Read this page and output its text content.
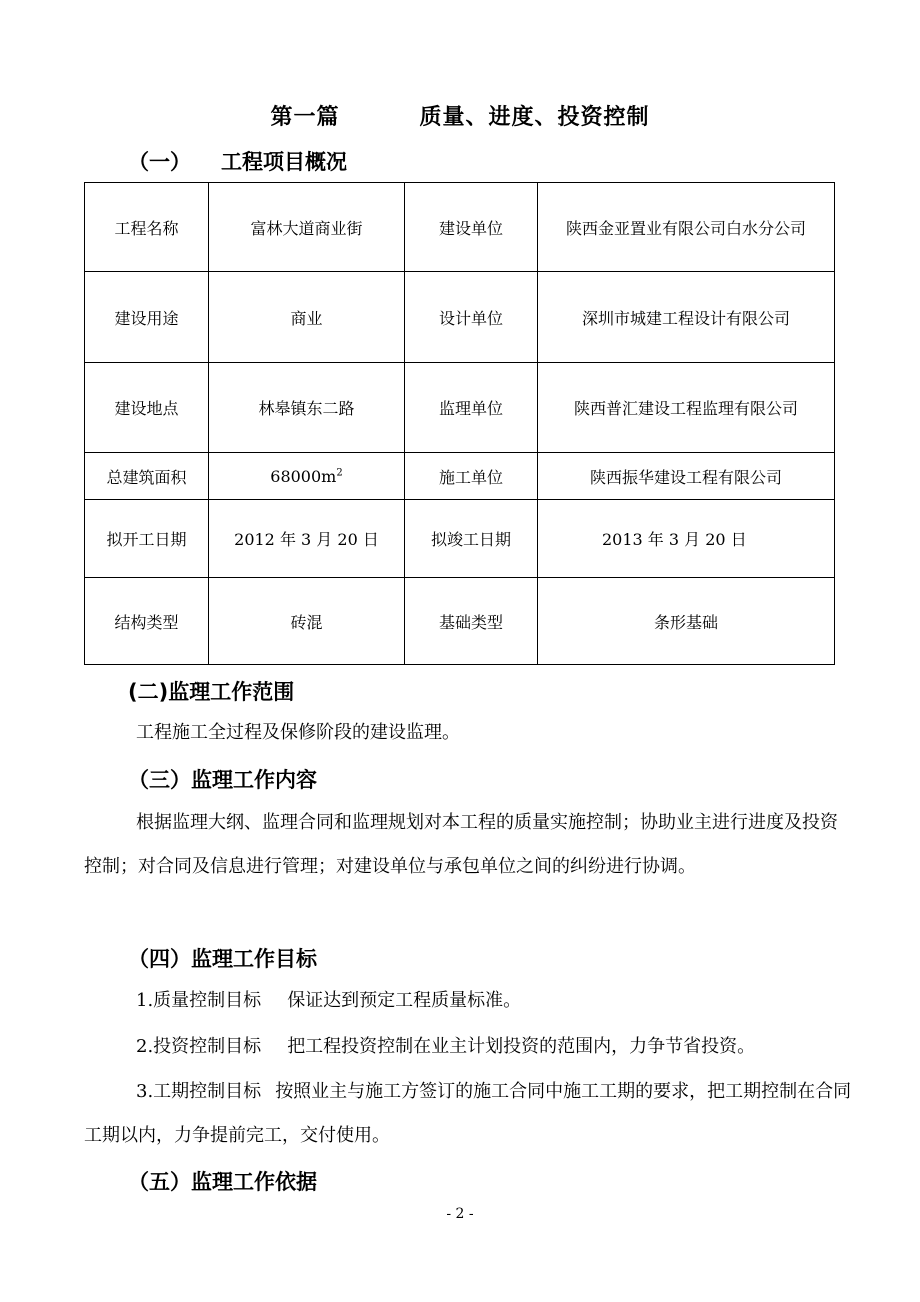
第一篇	质量、进度、投资控制
（一） 工程项目概况
工程名称	富林大道商业街	建设单位	陕西金亚置业有限公司白水分公司
建设用途	商业	设计单位	深圳市城建工程设计有限公司
建设地点	林皋镇东二路	监理单位	陕西普汇建设工程监理有限公司
总建筑面积	$68000m^2$	施工单位	陕西振华建设工程有限公司
拟开工日期	2012 年 3 月 20 日	拟竣工日期	2013 年 3 月 20 日
结构类型	砖混	基础类型	条形基础
(二)监理工作范围
工程施工全过程及保修阶段的建设监理。
（三）监理工作内容
根据监理大纲、监理合同和监理规划对本工程的质量实施控制；协助业主进行进度及投资控制；对合同及信息进行管理；对建设单位与承包单位之间的纠纷进行协调。
（四）监理工作目标
1.质量控制目标 保证达到预定工程质量标准。
2.投资控制目标 把工程投资控制在业主计划投资的范围内，力争节省投资。
3.工期控制目标 按照业主与施工方签订的施工合同中施工工期的要求，把工期控制在合同工期以内，力争提前完工，交付使用。
（五）监理工作依据
- 2 -
